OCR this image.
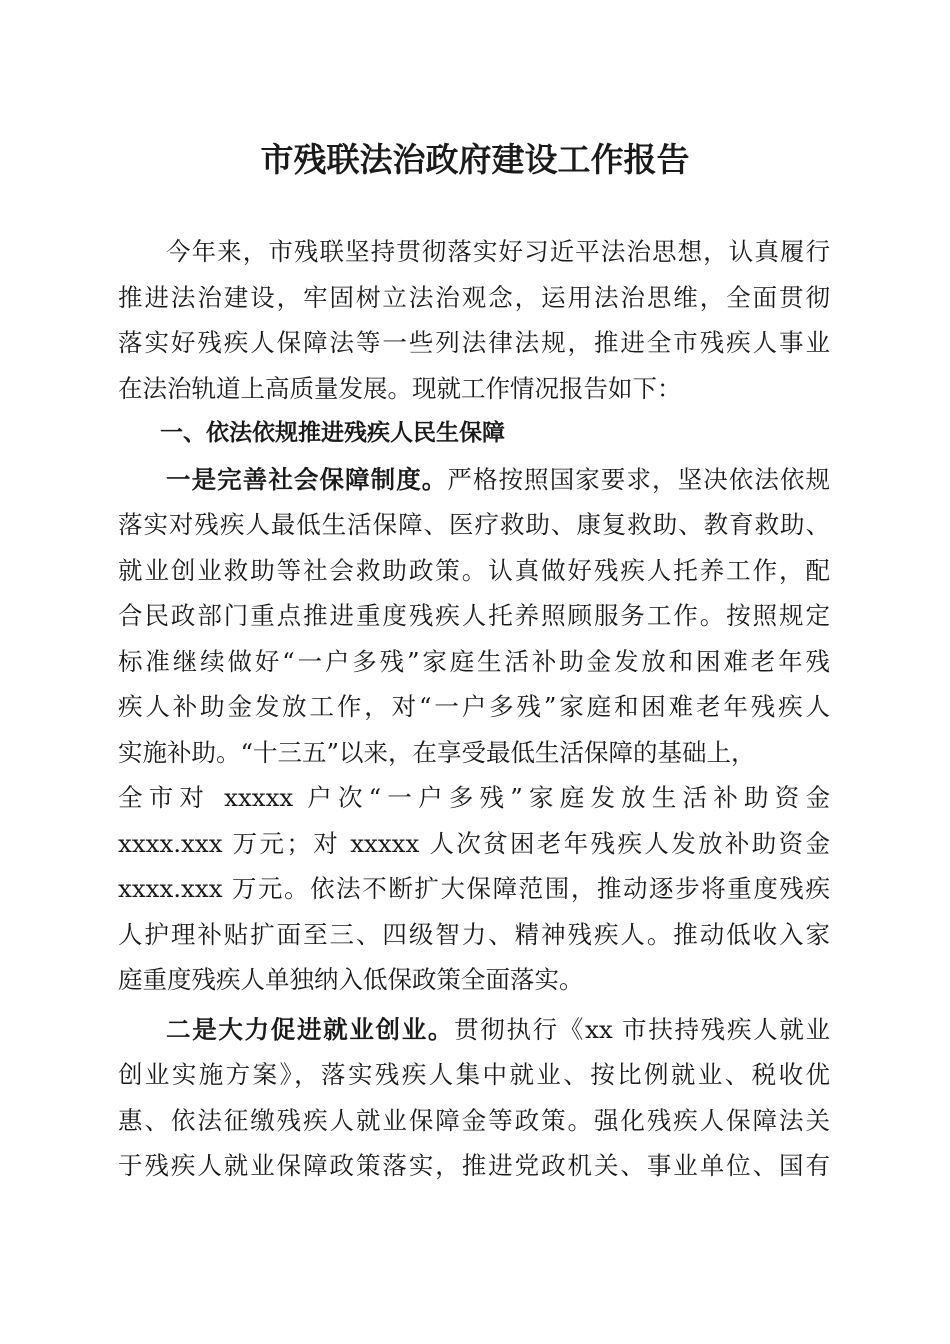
市残联法治政府建设工作报告
今年来，市残联坚持贯彻落实好习近平法治思想，认真履行
推进法治建设，牢固树立法治观念，运用法治思维，全面贯彻
落实好残疾人保障法等一些列法律法规，推进全市残疾人事业
在法治轨道上高质量发展。现就工作情况报告如下：
一、依法依规推进残疾人民生保障
一是完善社会保障制度。严格按照国家要求，坚决依法依规
落实对残疾人最低生活保障、医疗救助、康复救助、教育救助、
就业创业救助等社会救助政策。认真做好残疾人托养工作，配
合民政部门重点推进重度残疾人托养照顾服务工作。按照规定
标准继续做好“一户多残”家庭生活补助金发放和困难老年残
疾人补助金发放工作，对“一户多残”家庭和困难老年残疾人
实施补助。“十三五”以来，在享受最低生活保障的基础上，
全市对 xxxxx 户次“一户多残”家庭发放生活补助资金
xxxx.xxx 万元；对 xxxxx 人次贫困老年残疾人发放补助资金
xxxx.xxx 万元。依法不断扩大保障范围，推动逐步将重度残疾
人护理补贴扩面至三、四级智力、精神残疾人。推动低收入家
庭重度残疾人单独纳入低保政策全面落实。
二是大力促进就业创业。贯彻执行《xx 市扶持残疾人就业
创业实施方案》，落实残疾人集中就业、按比例就业、税收优
惠、依法征缴残疾人就业保障金等政策。强化残疾人保障法关
于残疾人就业保障政策落实，推进党政机关、事业单位、国有
